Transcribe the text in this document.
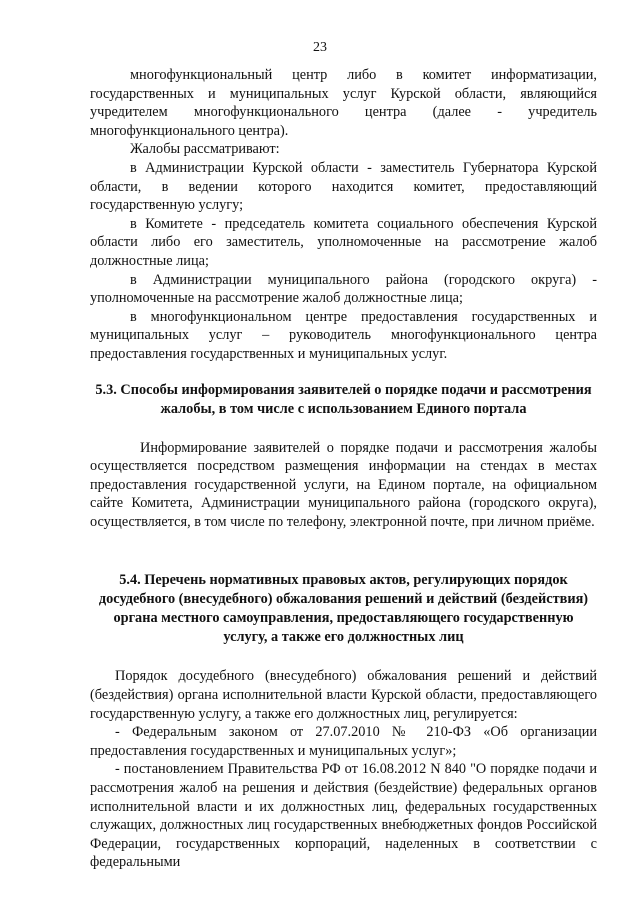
23

многофункциональный центр либо в комитет информатизации, государственных и муниципальных услуг Курской области, являющийся учредителем многофункционального центра (далее - учредитель многофункционального центра).

Жалобы рассматривают:

в Администрации Курской области - заместитель Губернатора Курской области, в ведении которого находится комитет, предоставляющий государственную услугу;

в Комитете - председатель комитета социального обеспечения Курской области либо его заместитель, уполномоченные на рассмотрение жалоб должностные лица;

в Администрации муниципального района (городского округа) - уполномоченные на рассмотрение жалоб должностные лица;

в многофункциональном центре предоставления государственных и муниципальных услуг – руководитель многофункционального центра предоставления государственных и муниципальных услуг.

5.3. Способы информирования заявителей о порядке подачи и рассмотрения жалобы, в том числе с использованием Единого портала

Информирование заявителей о порядке подачи и рассмотрения жалобы осуществляется посредством размещения информации на стендах в местах предоставления государственной услуги, на Едином портале, на официальном сайте Комитета, Администрации муниципального района (городского округа), осуществляется, в том числе по телефону, электронной почте, при личном приёме.

5.4. Перечень нормативных правовых актов, регулирующих порядок досудебного (внесудебного) обжалования решений и действий (бездействия) органа местного самоуправления, предоставляющего государственную услугу, а также его должностных лиц

Порядок досудебного (внесудебного) обжалования решений и действий (бездействия) органа исполнительной власти Курской области, предоставляющего государственную услугу, а также его должностных лиц, регулируется:

- Федеральным законом от 27.07.2010 № 210-ФЗ «Об организации предоставления государственных и муниципальных услуг»;

- постановлением Правительства РФ от 16.08.2012 N 840 "О порядке подачи и рассмотрения жалоб на решения и действия (бездействие) федеральных органов исполнительной власти и их должностных лиц, федеральных государственных служащих, должностных лиц государственных внебюджетных фондов Российской Федерации, государственных корпораций, наделенных в соответствии с федеральными
